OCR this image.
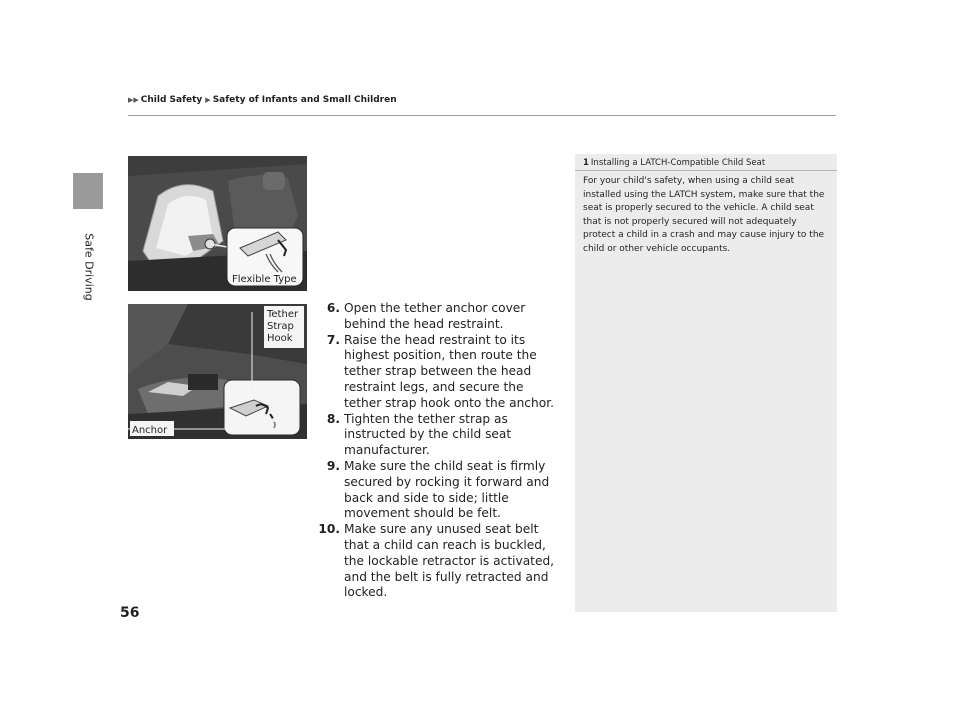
▶▶ Child Safety ▶ Safety of Infants and Small Children
Safe Driving	Flexible Type
Tether
Strap
Hook
Anchor
6. Open the tether anchor cover behind the head restraint.
7. Raise the head restraint to its highest position, then route the tether strap between the head restraint legs, and secure the tether strap hook onto the anchor.
8. Tighten the tether strap as instructed by the child seat manufacturer.
9. Make sure the child seat is firmly secured by rocking it forward and back and side to side; little movement should be felt.
10. Make sure any unused seat belt that a child can reach is buckled, the lockable retractor is activated, and the belt is fully retracted and locked.
1 Installing a LATCH-Compatible Child Seat
For your child's safety, when using a child seat installed using the LATCH system, make sure that the seat is properly secured to the vehicle. A child seat that is not properly secured will not adequately protect a child in a crash and may cause injury to the child or other vehicle occupants.
56
